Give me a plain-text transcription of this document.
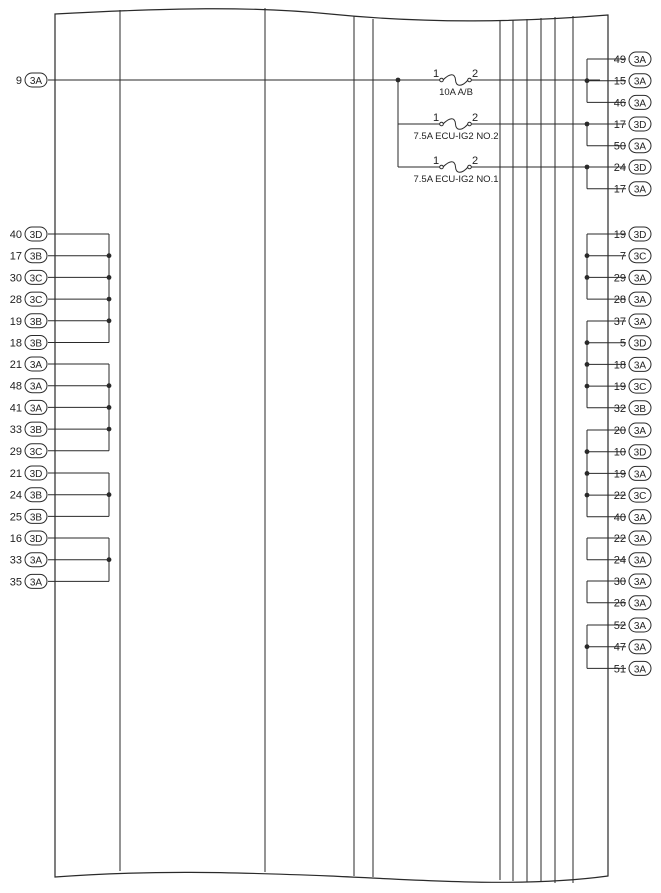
9 3A
1	2
10A A/B
1	2
7.5A ECU-IG2 NO.2
1	2
7.5A ECU-IG2 NO.1
40 3D
17 3B
30 3C
28 3C
19 3B
18 3B
21 3A
48 3A
41 3A
33 3B
29 3C
21 3D
24 3B
25 3B
16 3D
33 3A
35 3A
49 3A
15 3A
46 3A
17 3D
50 3A
24 3D
17 3A
19 3D
7 3C
29 3A
28 3A
37 3A
5 3D
18 3A
19 3C
32 3B
20 3A
10 3D
19 3A
22 3C
40 3A
22 3A
24 3A
30 3A
26 3A
52 3A
47 3A
51 3A
